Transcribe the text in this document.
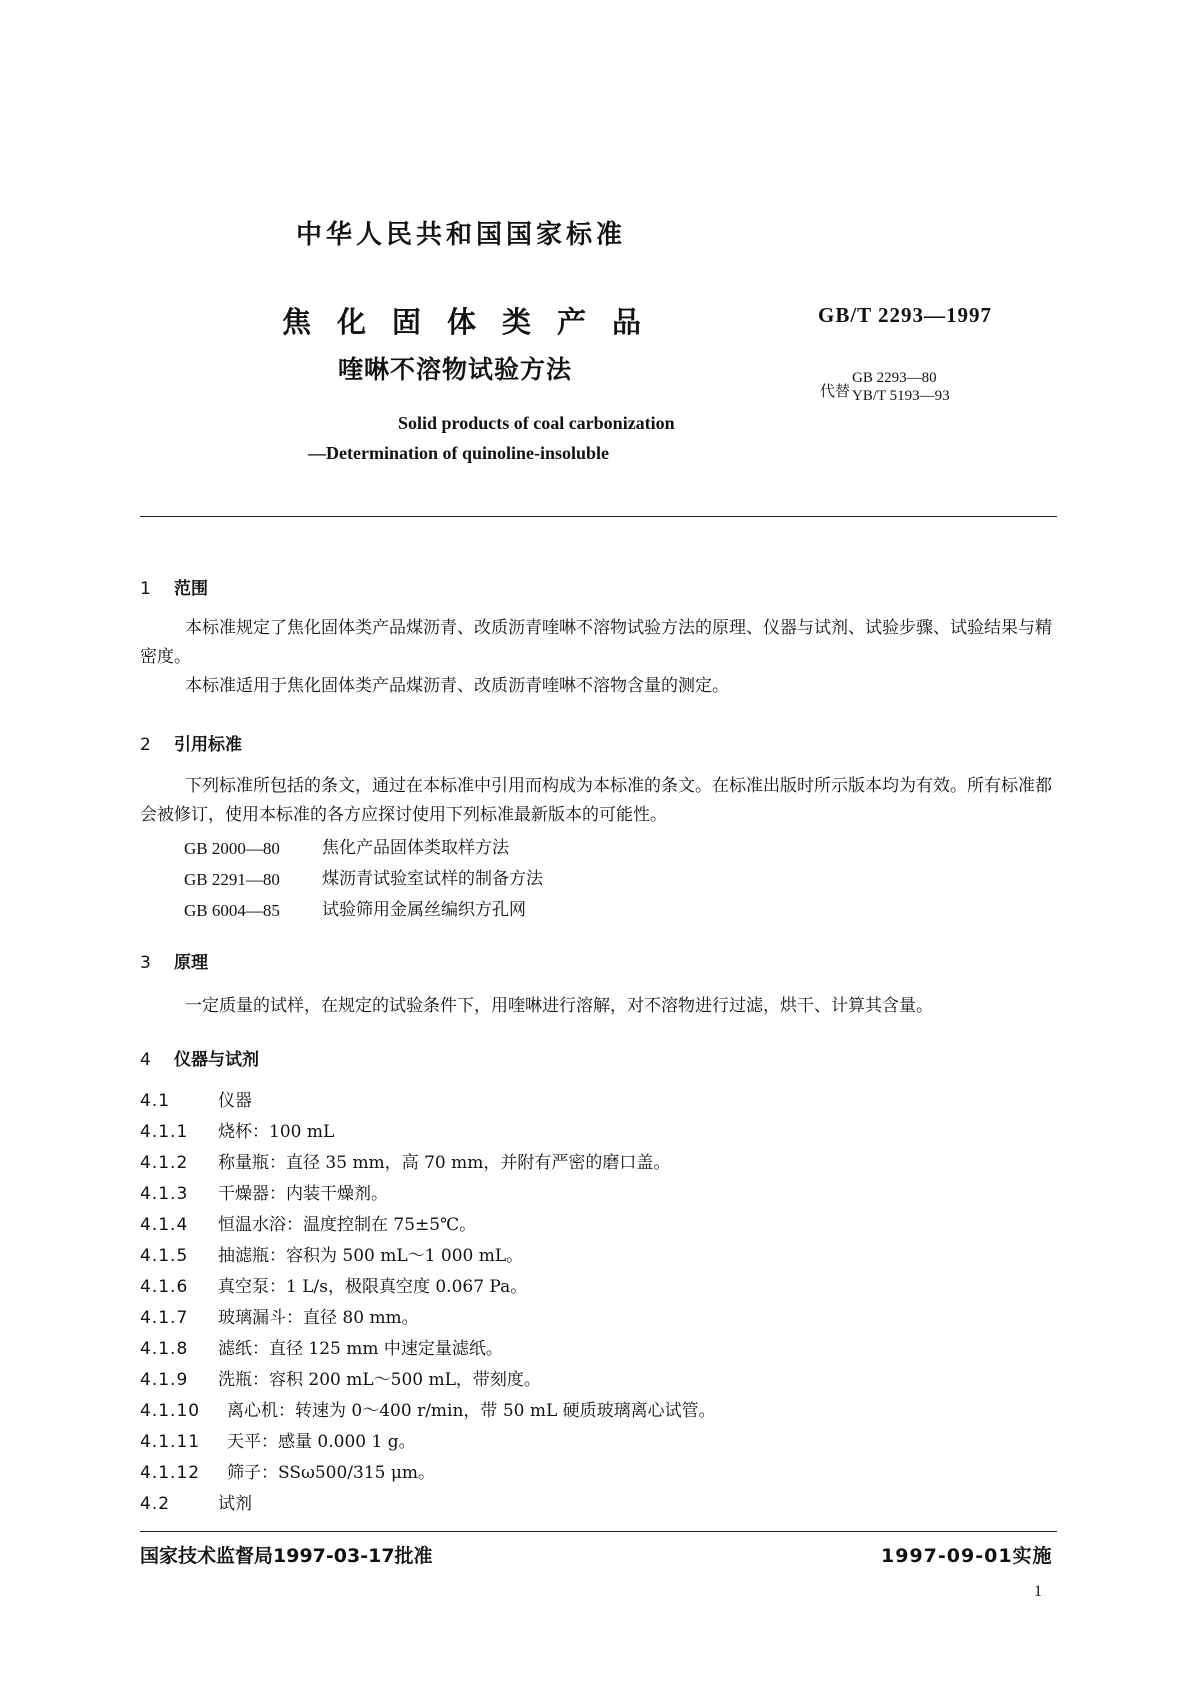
中华人民共和国国家标准
焦化固体类产品
喹啉不溶物试验方法
Solid products of coal carbonization
—Determination of quinoline-insoluble
GB/T 2293—1997
代替
GB 2293—80
YB/T 5193—93
1 范围

本标准规定了焦化固体类产品煤沥青、改质沥青喹啉不溶物试验方法的原理、仪器与试剂、试验步骤、试验结果与精密度。

本标准适用于焦化固体类产品煤沥青、改质沥青喹啉不溶物含量的测定。

2 引用标准

下列标准所包括的条文，通过在本标准中引用而构成为本标准的条文。在标准出版时所示版本均为有效。所有标准都会被修订，使用本标准的各方应探讨使用下列标准最新版本的可能性。

GB 2000—80	焦化产品固体类取样方法
GB 2291—80	煤沥青试验室试样的制备方法
GB 6004—85	试验筛用金属丝编织方孔网
3 原理

一定质量的试样，在规定的试验条件下，用喹啉进行溶解，对不溶物进行过滤，烘干、计算其含量。

4 仪器与试剂
4.1	仪器
4.1.1	烧杯：100 mL
4.1.2	称量瓶：直径 35 mm，高 70 mm，并附有严密的磨口盖。
4.1.3	干燥器：内装干燥剂。
4.1.4	恒温水浴：温度控制在 75±5℃。
4.1.5	抽滤瓶：容积为 500 mL～1 000 mL。
4.1.6	真空泵：1 L/s，极限真空度 0.067 Pa。
4.1.7	玻璃漏斗：直径 80 mm。
4.1.8	滤纸：直径 125 mm 中速定量滤纸。
4.1.9	洗瓶：容积 200 mL～500 mL，带刻度。
4.1.10	离心机：转速为 0～400 r/min，带 50 mL 硬质玻璃离心试管。
4.1.11	天平：感量 0.000 1 g。
4.1.12	筛子：SSω500/315 μm。
4.2	试剂
国家技术监督局1997-03-17批准	1997-09-01实施
1
